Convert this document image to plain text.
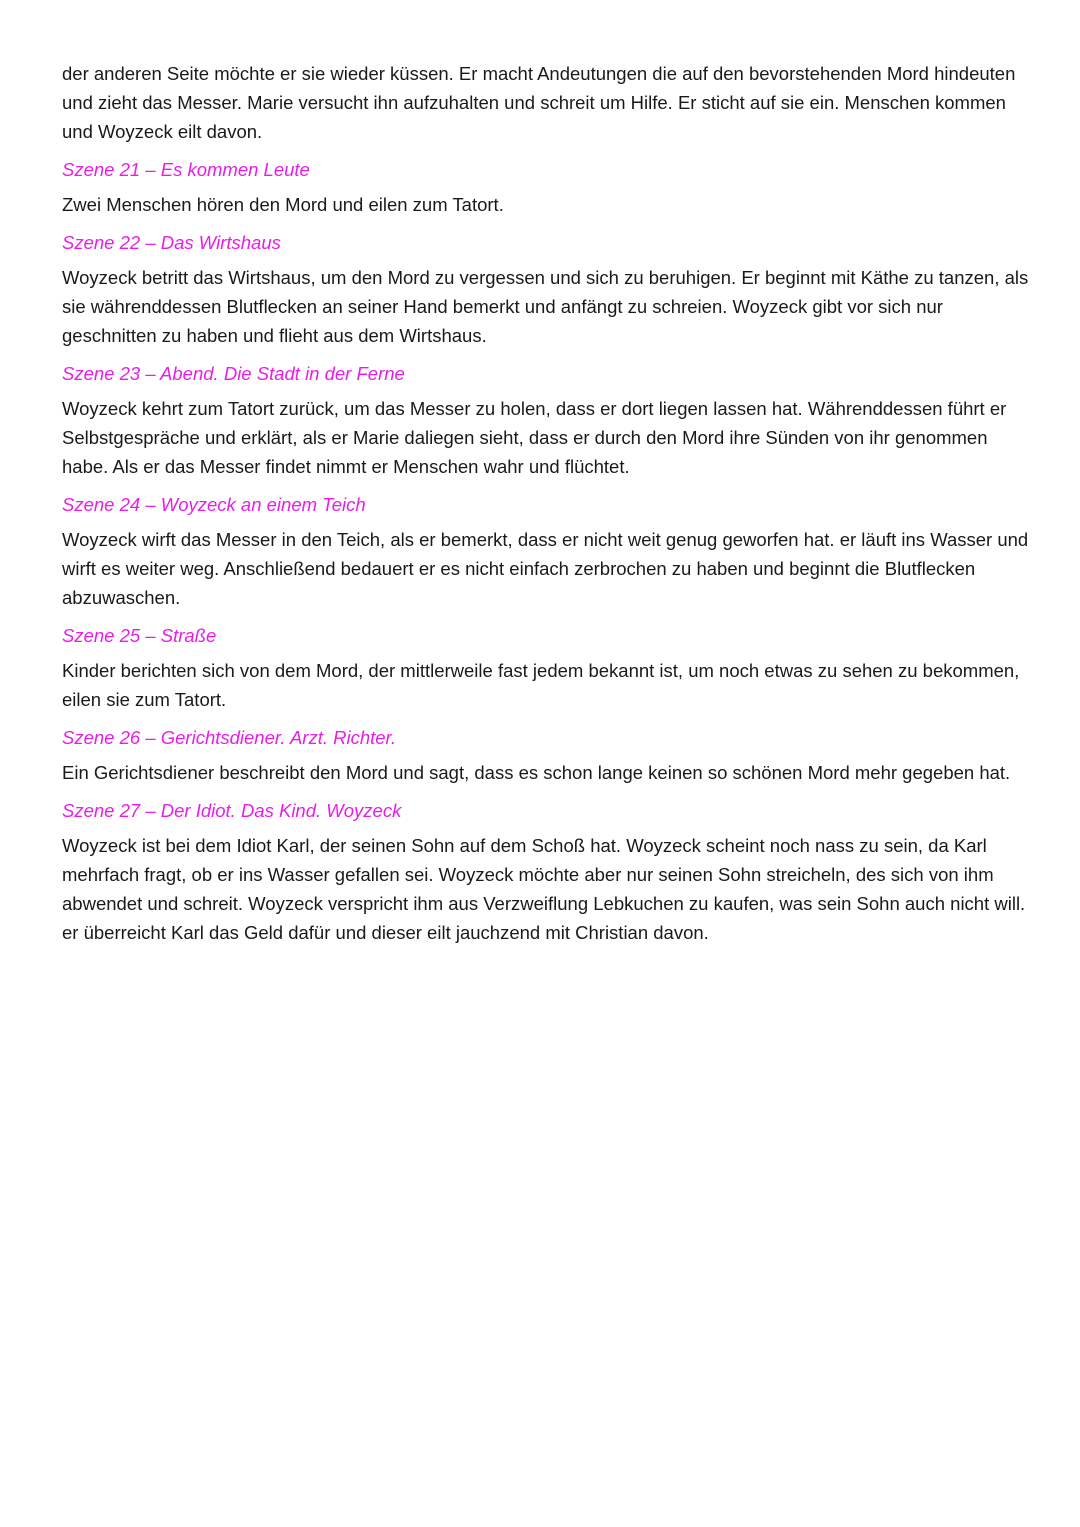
der anderen Seite möchte er sie wieder küssen. Er macht Andeutungen die auf den bevorstehenden Mord hindeuten und zieht das Messer. Marie versucht ihn aufzuhalten und schreit um Hilfe. Er sticht auf sie ein. Menschen kommen und Woyzeck eilt davon.

Szene 21 – Es kommen Leute

Zwei Menschen hören den Mord und eilen zum Tatort.

Szene 22 – Das Wirtshaus

Woyzeck betritt das Wirtshaus, um den Mord zu vergessen und sich zu beruhigen. Er beginnt mit Käthe zu tanzen, als sie währenddessen Blutflecken an seiner Hand bemerkt und anfängt zu schreien. Woyzeck gibt vor sich nur geschnitten zu haben und flieht aus dem Wirtshaus.

Szene 23 – Abend. Die Stadt in der Ferne

Woyzeck kehrt zum Tatort zurück, um das Messer zu holen, dass er dort liegen lassen hat. Währenddessen führt er Selbstgespräche und erklärt, als er Marie daliegen sieht, dass er durch den Mord ihre Sünden von ihr genommen habe. Als er das Messer findet nimmt er Menschen wahr und flüchtet.

Szene 24 – Woyzeck an einem Teich

Woyzeck wirft das Messer in den Teich, als er bemerkt, dass er nicht weit genug geworfen hat. er läuft ins Wasser und wirft es weiter weg. Anschließend bedauert er es nicht einfach zerbrochen zu haben und beginnt die Blutflecken abzuwaschen.

Szene 25 – Straße

Kinder berichten sich von dem Mord, der mittlerweile fast jedem bekannt ist, um noch etwas zu sehen zu bekommen, eilen sie zum Tatort.

Szene 26 – Gerichtsdiener. Arzt. Richter.

Ein Gerichtsdiener beschreibt den Mord und sagt, dass es schon lange keinen so schönen Mord mehr gegeben hat.

Szene 27 – Der Idiot. Das Kind. Woyzeck

Woyzeck ist bei dem Idiot Karl, der seinen Sohn auf dem Schoß hat. Woyzeck scheint noch nass zu sein, da Karl mehrfach fragt, ob er ins Wasser gefallen sei. Woyzeck möchte aber nur seinen Sohn streicheln, des sich von ihm abwendet und schreit. Woyzeck verspricht ihm aus Verzweiflung Lebkuchen zu kaufen, was sein Sohn auch nicht will. er überreicht Karl das Geld dafür und dieser eilt jauchzend mit Christian davon.
